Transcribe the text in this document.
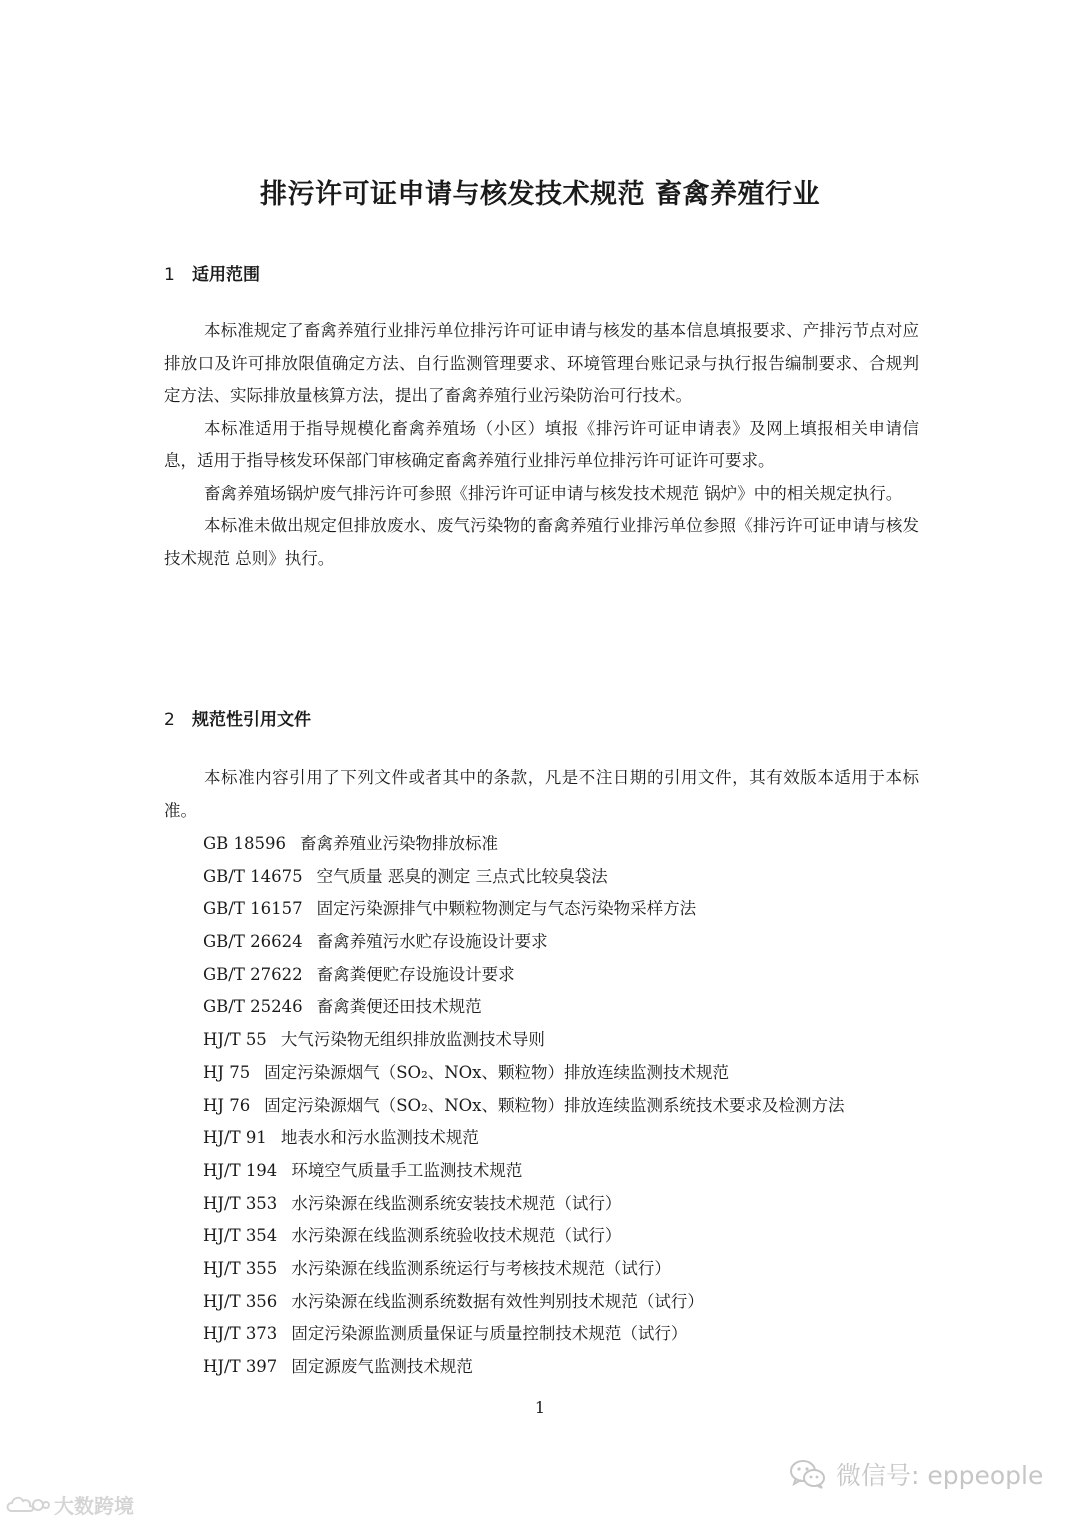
排污许可证申请与核发技术规范 畜禽养殖行业
1 适用范围

本标准规定了畜禽养殖行业排污单位排污许可证申请与核发的基本信息填报要求、产排污节点对应排放口及许可排放限值确定方法、自行监测管理要求、环境管理台账记录与执行报告编制要求、合规判定方法、实际排放量核算方法，提出了畜禽养殖行业污染防治可行技术。

本标准适用于指导规模化畜禽养殖场（小区）填报《排污许可证申请表》及网上填报相关申请信息，适用于指导核发环保部门审核确定畜禽养殖行业排污单位排污许可证许可要求。

畜禽养殖场锅炉废气排污许可参照《排污许可证申请与核发技术规范 锅炉》中的相关规定执行。

本标准未做出规定但排放废水、废气污染物的畜禽养殖行业排污单位参照《排污许可证申请与核发技术规范 总则》执行。

2 规范性引用文件

本标准内容引用了下列文件或者其中的条款，凡是不注日期的引用文件，其有效版本适用于本标准。

GB 18596 畜禽养殖业污染物排放标准
GB/T 14675 空气质量 恶臭的测定 三点式比较臭袋法
GB/T 16157 固定污染源排气中颗粒物测定与气态污染物采样方法
GB/T 26624 畜禽养殖污水贮存设施设计要求
GB/T 27622 畜禽粪便贮存设施设计要求
GB/T 25246 畜禽粪便还田技术规范
HJ/T 55 大气污染物无组织排放监测技术导则
HJ 75 固定污染源烟气（SO₂、NOx、颗粒物）排放连续监测技术规范
HJ 76 固定污染源烟气（SO₂、NOx、颗粒物）排放连续监测系统技术要求及检测方法
HJ/T 91 地表水和污水监测技术规范
HJ/T 194 环境空气质量手工监测技术规范
HJ/T 353 水污染源在线监测系统安装技术规范（试行）
HJ/T 354 水污染源在线监测系统验收技术规范（试行）
HJ/T 355 水污染源在线监测系统运行与考核技术规范（试行）
HJ/T 356 水污染源在线监测系统数据有效性判别技术规范（试行）
HJ/T 373 固定污染源监测质量保证与质量控制技术规范（试行）
HJ/T 397 固定源废气监测技术规范
1
微信号: eppeople
大数跨境
